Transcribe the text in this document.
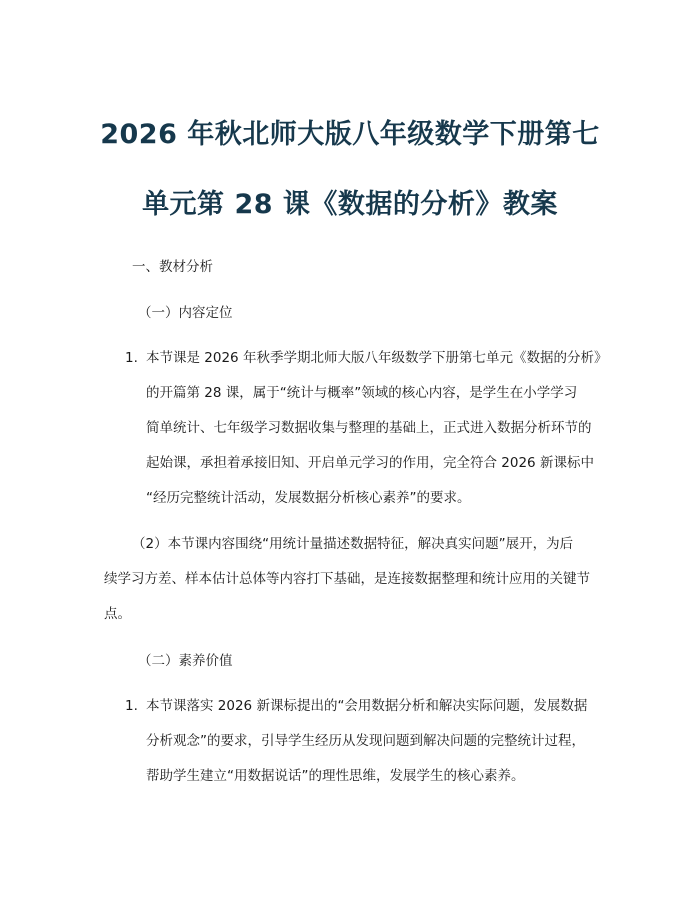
2026 年秋北师大版八年级数学下册第七
单元第 28 课《数据的分析》教案
一、教材分析
（一）内容定位
1. 本节课是 2026 年秋季学期北师大版八年级数学下册第七单元《数据的分析》
的开篇第 28 课，属于“统计与概率”领域的核心内容，是学生在小学学习
简单统计、七年级学习数据收集与整理的基础上，正式进入数据分析环节的
起始课，承担着承接旧知、开启单元学习的作用，完全符合 2026 新课标中
“经历完整统计活动，发展数据分析核心素养”的要求。
（2）本节课内容围绕“用统计量描述数据特征，解决真实问题”展开，为后
续学习方差、样本估计总体等内容打下基础，是连接数据整理和统计应用的关键节
点。
（二）素养价值
1. 本节课落实 2026 新课标提出的“会用数据分析和解决实际问题，发展数据
分析观念”的要求，引导学生经历从发现问题到解决问题的完整统计过程，
帮助学生建立“用数据说话”的理性思维，发展学生的核心素养。
